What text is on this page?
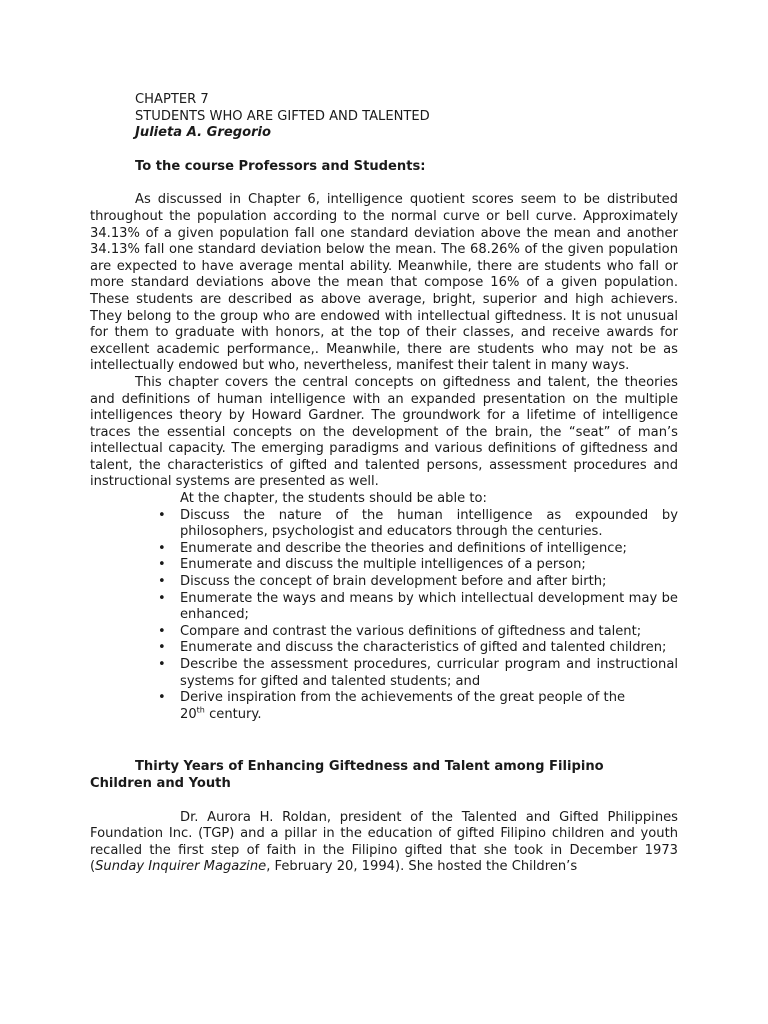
CHAPTER 7
STUDENTS WHO ARE GIFTED AND TALENTED
Julieta A. Gregorio
To the course Professors and Students:

As discussed in Chapter 6, intelligence quotient scores seem to be distributed throughout the population according to the normal curve or bell curve. Approximately 34.13% of a given population fall one standard deviation above the mean and another 34.13% fall one standard deviation below the mean. The 68.26% of the given population are expected to have average mental ability. Meanwhile, there are students who fall or more standard deviations above the mean that compose 16% of a given population. These students are described as above average, bright, superior and high achievers. They belong to the group who are endowed with intellectual giftedness. It is not unusual for them to graduate with honors, at the top of their classes, and receive awards for excellent academic performance,. Meanwhile, there are students who may not be as intellectually endowed but who, nevertheless, manifest their talent in many ways.

This chapter covers the central concepts on giftedness and talent, the theories and definitions of human intelligence with an expanded presentation on the multiple intelligences theory by Howard Gardner. The groundwork for a lifetime of intelligence traces the essential concepts on the development of the brain, the “seat” of man’s intellectual capacity. The emerging paradigms and various definitions of giftedness and talent, the characteristics of gifted and talented persons, assessment procedures and instructional systems are presented as well.

At the chapter, the students should be able to:

• Discuss the nature of the human intelligence as expounded by philosophers, psychologist and educators through the centuries.
• Enumerate and describe the theories and definitions of intelligence;
• Enumerate and discuss the multiple intelligences of a person;
• Discuss the concept of brain development before and after birth;
• Enumerate the ways and means by which intellectual development may be enhanced;
• Compare and contrast the various definitions of giftedness and talent;
• Enumerate and discuss the characteristics of gifted and talented children;
• Describe the assessment procedures, curricular program and instructional systems for gifted and talented students; and
• Derive inspiration from the achievements of the great people of the
20th century.

Thirty Years of Enhancing Giftedness and Talent among Filipino
Children and Youth

Dr. Aurora H. Roldan, president of the Talented and Gifted Philippines Foundation Inc. (TGP) and a pillar in the education of gifted Filipino children and youth recalled the first step of faith in the Filipino gifted that she took in December 1973 (Sunday Inquirer Magazine, February 20, 1994). She hosted the Children’s
